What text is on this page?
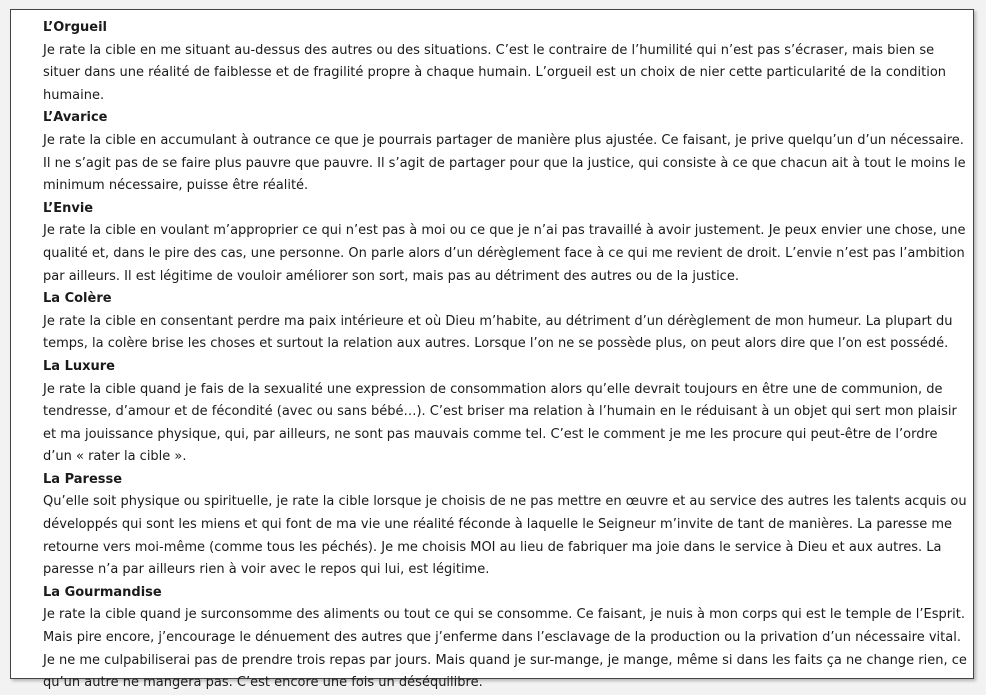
L’Orgueil

Je rate la cible en me situant au-dessus des autres ou des situations. C’est le contraire de l’humilité qui n’est pas s’écraser, mais bien se situer dans une réalité de faiblesse et de fragilité propre à chaque humain. L’orgueil est un choix de nier cette particularité de la condition humaine.

L’Avarice

Je rate la cible en accumulant à outrance ce que je pourrais partager de manière plus ajustée. Ce faisant, je prive quelqu’un d’un nécessaire. Il ne s’agit pas de se faire plus pauvre que pauvre. Il s’agit de partager pour que la justice, qui consiste à ce que chacun ait à tout le moins le minimum nécessaire, puisse être réalité.

L’Envie

Je rate la cible en voulant m’approprier ce qui n’est pas à moi ou ce que je n’ai pas travaillé à avoir justement. Je peux envier une chose, une qualité et, dans le pire des cas, une personne. On parle alors d’un dérèglement face à ce qui me revient de droit. L’envie n’est pas l’ambition par ailleurs. Il est légitime de vouloir améliorer son sort, mais pas au détriment des autres ou de la justice.

La Colère

Je rate la cible en consentant perdre ma paix intérieure et où Dieu m’habite, au détriment d’un dérèglement de mon humeur. La plupart du temps, la colère brise les choses et surtout la relation aux autres. Lorsque l’on ne se possède plus, on peut alors dire que l’on est possédé.

La Luxure

Je rate la cible quand je fais de la sexualité une expression de consommation alors qu’elle devrait toujours en être une de communion, de tendresse, d’amour et de fécondité (avec ou sans bébé…). C’est briser ma relation à l’humain en le réduisant à un objet qui sert mon plaisir et ma jouissance physique, qui, par ailleurs, ne sont pas mauvais comme tel. C’est le comment je me les procure qui peut-être de l’ordre d’un « rater la cible ».

La Paresse

Qu’elle soit physique ou spirituelle, je rate la cible lorsque je choisis de ne pas mettre en œuvre et au service des autres les talents acquis ou développés qui sont les miens et qui font de ma vie une réalité féconde à laquelle le Seigneur m’invite de tant de manières. La paresse me retourne vers moi-même (comme tous les péchés). Je me choisis MOI au lieu de fabriquer ma joie dans le service à Dieu et aux autres. La paresse n’a par ailleurs rien à voir avec le repos qui lui, est légitime.

La Gourmandise

Je rate la cible quand je surconsomme des aliments ou tout ce qui se consomme. Ce faisant, je nuis à mon corps qui est le temple de l’Esprit. Mais pire encore, j’encourage le dénuement des autres que j’enferme dans l’esclavage de la production ou la privation d’un nécessaire vital. Je ne me culpabiliserai pas de prendre trois repas par jours. Mais quand je sur-mange, je mange, même si dans les faits ça ne change rien, ce qu’un autre ne mangera pas. C’est encore une fois un déséquilibre.
